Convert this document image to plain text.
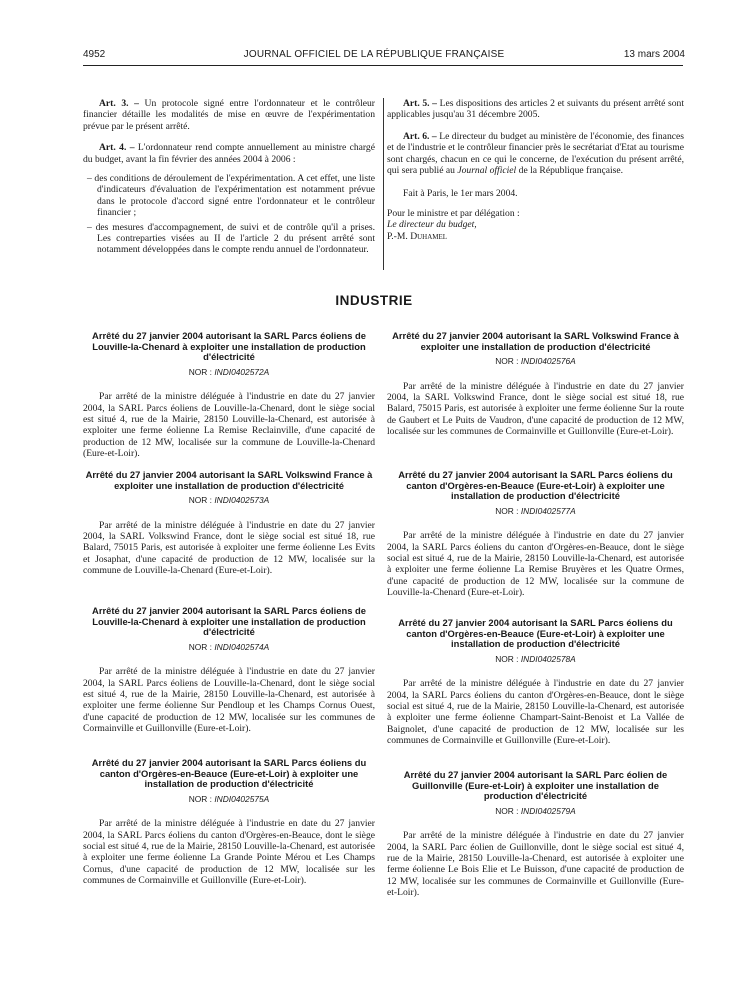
4952	JOURNAL OFFICIEL DE LA RÉPUBLIQUE FRANÇAISE	13 mars 2004

Art. 3. – Un protocole signé entre l'ordonnateur et le contrôleur financier détaille les modalités de mise en œuvre de l'expérimentation prévue par le présent arrêté.

Art. 4. – L'ordonnateur rend compte annuellement au ministre chargé du budget, avant la fin février des années 2004 à 2006 :

– des conditions de déroulement de l'expérimentation. A cet effet, une liste d'indicateurs d'évaluation de l'expérimentation est notamment prévue dans le protocole d'accord signé entre l'ordonnateur et le contrôleur financier ;

– des mesures d'accompagnement, de suivi et de contrôle qu'il a prises. Les contreparties visées au II de l'article 2 du présent arrêté sont notamment développées dans le compte rendu annuel de l'ordonnateur.

Art. 5. – Les dispositions des articles 2 et suivants du présent arrêté sont applicables jusqu'au 31 décembre 2005.

Art. 6. – Le directeur du budget au ministère de l'économie, des finances et de l'industrie et le contrôleur financier près le secrétariat d'Etat au tourisme sont chargés, chacun en ce qui le concerne, de l'exécution du présent arrêté, qui sera publié au Journal officiel de la République française.

Fait à Paris, le 1er mars 2004.

Pour le ministre et par délégation :

Le directeur du budget,

P.-M. Duhamel

INDUSTRIE
Arrêté du 27 janvier 2004 autorisant la SARL Parcs éoliens de Louville-la-Chenard à exploiter une installation de production d'électricité
NOR : INDI0402572A

Par arrêté de la ministre déléguée à l'industrie en date du 27 janvier 2004, la SARL Parcs éoliens de Louville-la-Chenard, dont le siège social est situé 4, rue de la Mairie, 28150 Louville-la-Chenard, est autorisée à exploiter une ferme éolienne La Remise Reclainville, d'une capacité de production de 12 MW, localisée sur la commune de Louville-la-Chenard (Eure-et-Loir).

Arrêté du 27 janvier 2004 autorisant la SARL Volkswind France à exploiter une installation de production d'électricité
NOR : INDI0402573A

Par arrêté de la ministre déléguée à l'industrie en date du 27 janvier 2004, la SARL Volkswind France, dont le siège social est situé 18, rue Balard, 75015 Paris, est autorisée à exploiter une ferme éolienne Les Evits et Josaphat, d'une capacité de production de 12 MW, localisée sur la commune de Louville-la-Chenard (Eure-et-Loir).

Arrêté du 27 janvier 2004 autorisant la SARL Parcs éoliens de Louville-la-Chenard à exploiter une installation de production d'électricité
NOR : INDI0402574A

Par arrêté de la ministre déléguée à l'industrie en date du 27 janvier 2004, la SARL Parcs éoliens de Louville-la-Chenard, dont le siège social est situé 4, rue de la Mairie, 28150 Louville-la-Chenard, est autorisée à exploiter une ferme éolienne Sur Pendloup et les Champs Cornus Ouest, d'une capacité de production de 12 MW, localisée sur les communes de Cormainville et Guillonville (Eure-et-Loir).

Arrêté du 27 janvier 2004 autorisant la SARL Parcs éoliens du canton d'Orgères-en-Beauce (Eure-et-Loir) à exploiter une installation de production d'électricité
NOR : INDI0402575A

Par arrêté de la ministre déléguée à l'industrie en date du 27 janvier 2004, la SARL Parcs éoliens du canton d'Orgères-en-Beauce, dont le siège social est situé 4, rue de la Mairie, 28150 Louville-la-Chenard, est autorisée à exploiter une ferme éolienne La Grande Pointe Mérou et Les Champs Cornus, d'une capacité de production de 12 MW, localisée sur les communes de Cormainville et Guillonville (Eure-et-Loir).

Arrêté du 27 janvier 2004 autorisant la SARL Volkswind France à exploiter une installation de production d'électricité
NOR : INDI0402576A

Par arrêté de la ministre déléguée à l'industrie en date du 27 janvier 2004, la SARL Volkswind France, dont le siège social est situé 18, rue Balard, 75015 Paris, est autorisée à exploiter une ferme éolienne Sur la route de Gaubert et Le Puits de Vaudron, d'une capacité de production de 12 MW, localisée sur les communes de Cormainville et Guillonville (Eure-et-Loir).

Arrêté du 27 janvier 2004 autorisant la SARL Parcs éoliens du canton d'Orgères-en-Beauce (Eure-et-Loir) à exploiter une installation de production d'électricité
NOR : INDI0402577A

Par arrêté de la ministre déléguée à l'industrie en date du 27 janvier 2004, la SARL Parcs éoliens du canton d'Orgères-en-Beauce, dont le siège social est situé 4, rue de la Mairie, 28150 Louville-la-Chenard, est autorisée à exploiter une ferme éolienne La Remise Bruyères et les Quatre Ormes, d'une capacité de production de 12 MW, localisée sur la commune de Louville-la-Chenard (Eure-et-Loir).

Arrêté du 27 janvier 2004 autorisant la SARL Parcs éoliens du canton d'Orgères-en-Beauce (Eure-et-Loir) à exploiter une installation de production d'électricité
NOR : INDI0402578A

Par arrêté de la ministre déléguée à l'industrie en date du 27 janvier 2004, la SARL Parcs éoliens du canton d'Orgères-en-Beauce, dont le siège social est situé 4, rue de la Mairie, 28150 Louville-la-Chenard, est autorisée à exploiter une ferme éolienne Champart-Saint-Benoist et La Vallée de Baignolet, d'une capacité de production de 12 MW, localisée sur les communes de Cormainville et Guillonville (Eure-et-Loir).

Arrêté du 27 janvier 2004 autorisant la SARL Parc éolien de Guillonville (Eure-et-Loir) à exploiter une installation de production d'électricité
NOR : INDI0402579A

Par arrêté de la ministre déléguée à l'industrie en date du 27 janvier 2004, la SARL Parc éolien de Guillonville, dont le siège social est situé 4, rue de la Mairie, 28150 Louville-la-Chenard, est autorisée à exploiter une ferme éolienne Le Bois Elie et Le Buisson, d'une capacité de production de 12 MW, localisée sur les communes de Cormainville et Guillonville (Eure-et-Loir).
